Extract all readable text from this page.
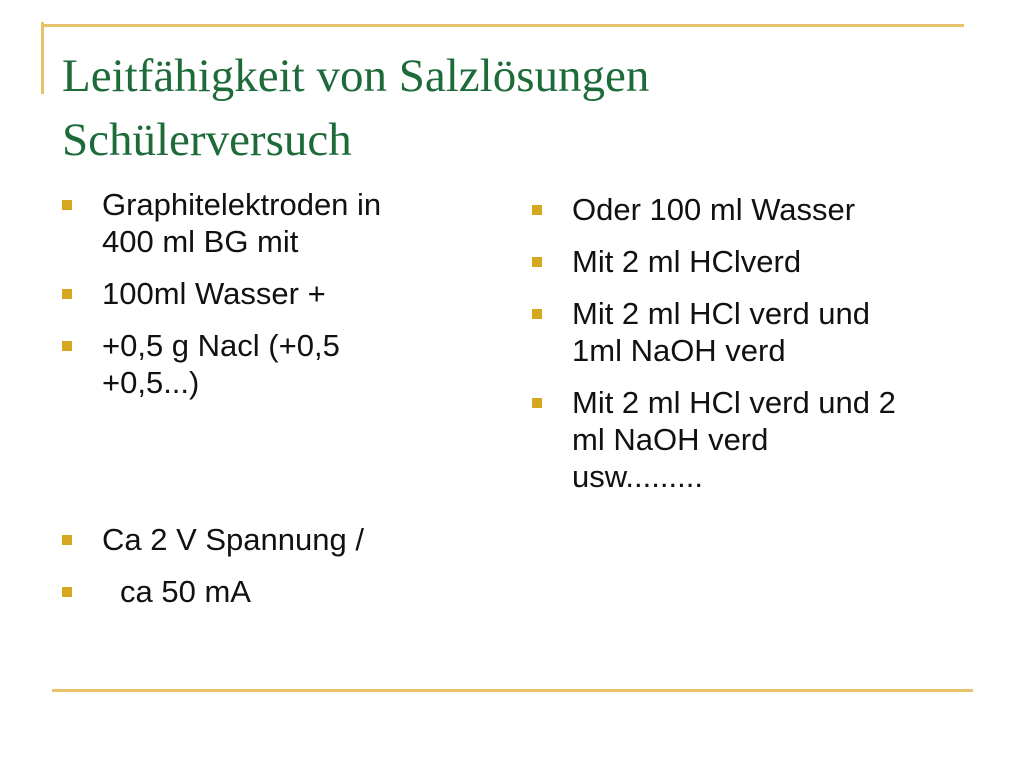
Leitfähigkeit von Salzlösungen
Schülerversuch
Graphitelektroden in
400 ml BG mit
100ml Wasser +
+0,5 g Nacl (+0,5
+0,5...)
Ca 2 V Spannung /
ca 50 mA
Oder 100 ml Wasser
Mit 2 ml HClverd
Mit 2 ml HCl verd und
1ml NaOH verd
Mit 2 ml HCl verd und 2
ml NaOH verd
usw.........
